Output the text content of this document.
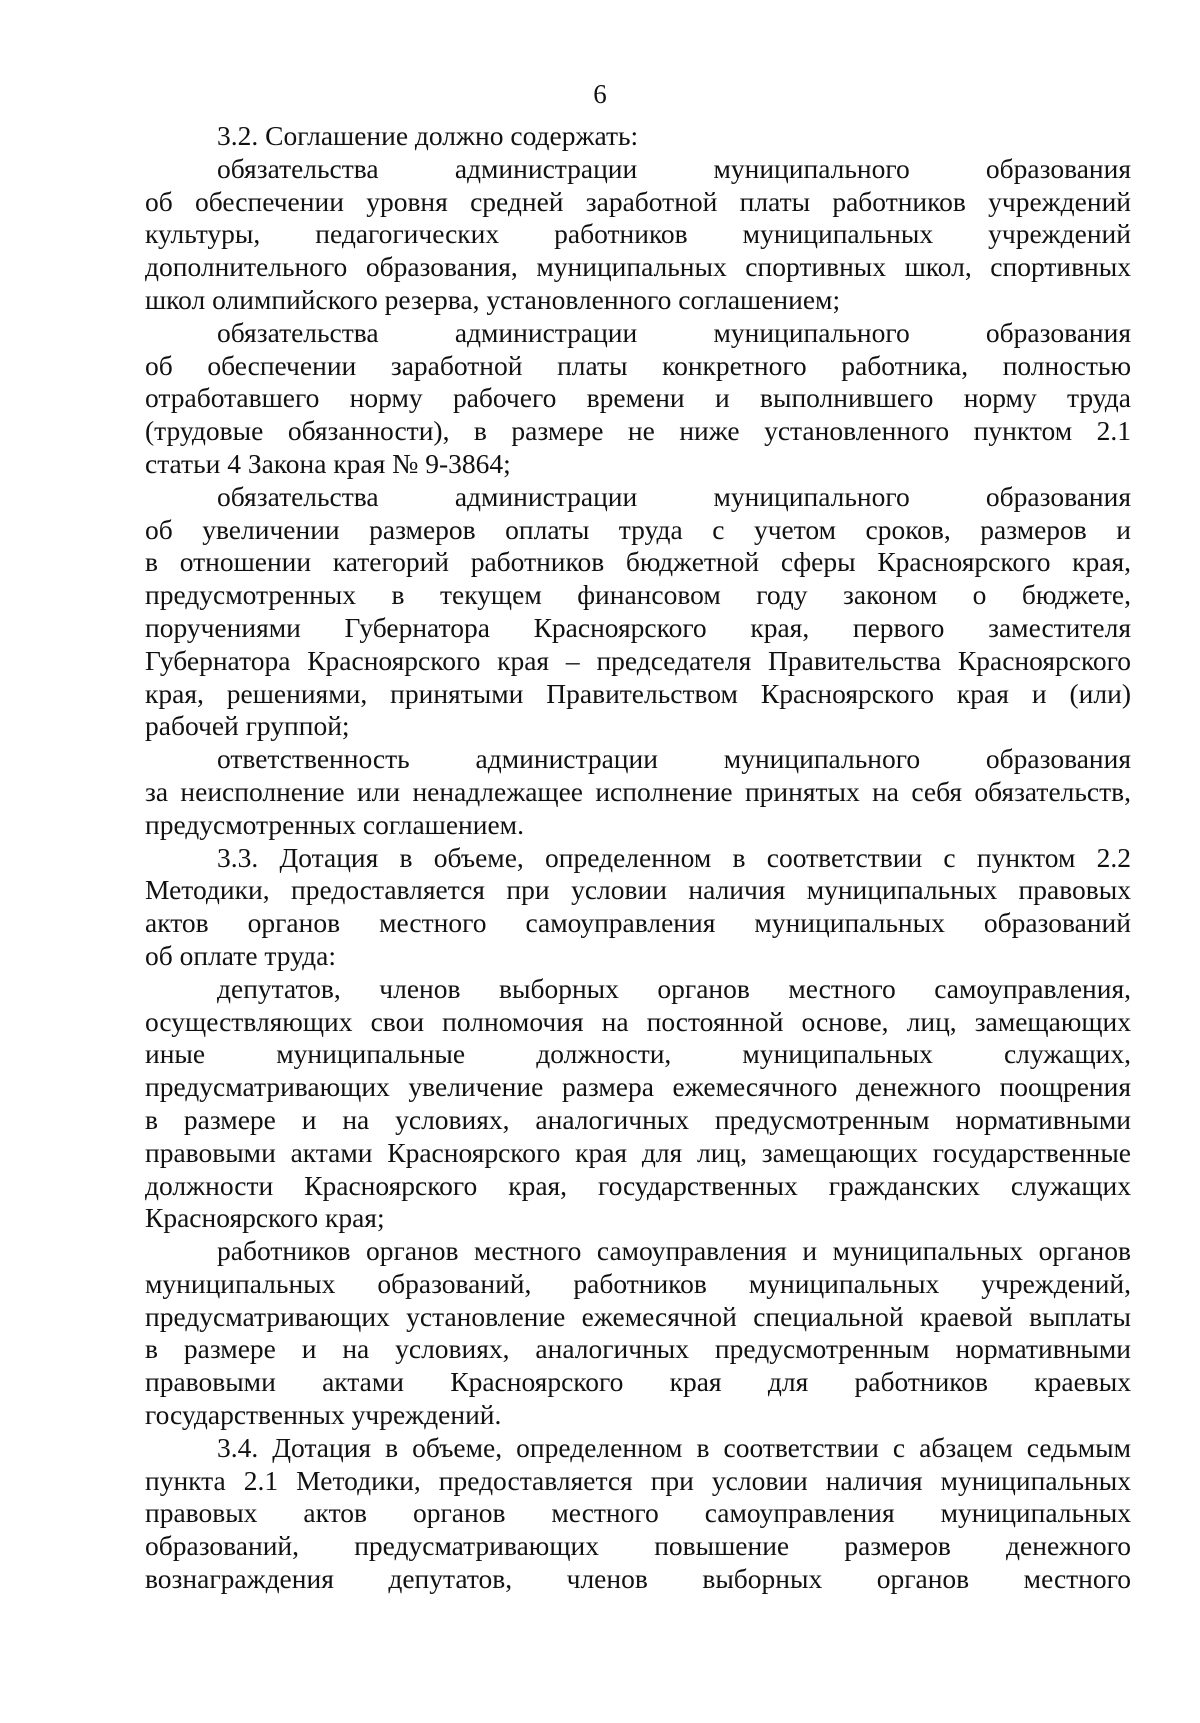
6
3.2. Соглашение должно содержать:
обязательства администрации муниципального образования
об обеспечении уровня средней заработной платы работников учреждений
культуры, педагогических работников муниципальных учреждений
дополнительного образования, муниципальных спортивных школ, спортивных
школ олимпийского резерва, установленного соглашением;
обязательства администрации муниципального образования
об обеспечении заработной платы конкретного работника, полностью
отработавшего норму рабочего времени и выполнившего норму труда
(трудовые обязанности), в размере не ниже установленного пунктом 2.1
статьи 4 Закона края № 9-3864;
обязательства администрации муниципального образования
об увеличении размеров оплаты труда с учетом сроков, размеров и
в отношении категорий работников бюджетной сферы Красноярского края,
предусмотренных в текущем финансовом году законом о бюджете,
поручениями Губернатора Красноярского края, первого заместителя
Губернатора Красноярского края – председателя Правительства Красноярского
края, решениями, принятыми Правительством Красноярского края и (или)
рабочей группой;
ответственность администрации муниципального образования
за неисполнение или ненадлежащее исполнение принятых на себя обязательств,
предусмотренных соглашением.
3.3. Дотация в объеме, определенном в соответствии с пунктом 2.2
Методики, предоставляется при условии наличия муниципальных правовых
актов органов местного самоуправления муниципальных образований
об оплате труда:
депутатов, членов выборных органов местного самоуправления,
осуществляющих свои полномочия на постоянной основе, лиц, замещающих
иные муниципальные должности, муниципальных служащих,
предусматривающих увеличение размера ежемесячного денежного поощрения
в размере и на условиях, аналогичных предусмотренным нормативными
правовыми актами Красноярского края для лиц, замещающих государственные
должности Красноярского края, государственных гражданских служащих
Красноярского края;
работников органов местного самоуправления и муниципальных органов
муниципальных образований, работников муниципальных учреждений,
предусматривающих установление ежемесячной специальной краевой выплаты
в размере и на условиях, аналогичных предусмотренным нормативными
правовыми актами Красноярского края для работников краевых
государственных учреждений.
3.4. Дотация в объеме, определенном в соответствии с абзацем седьмым
пункта 2.1 Методики, предоставляется при условии наличия муниципальных
правовых актов органов местного самоуправления муниципальных
образований, предусматривающих повышение размеров денежного
вознаграждения депутатов, членов выборных органов местного
